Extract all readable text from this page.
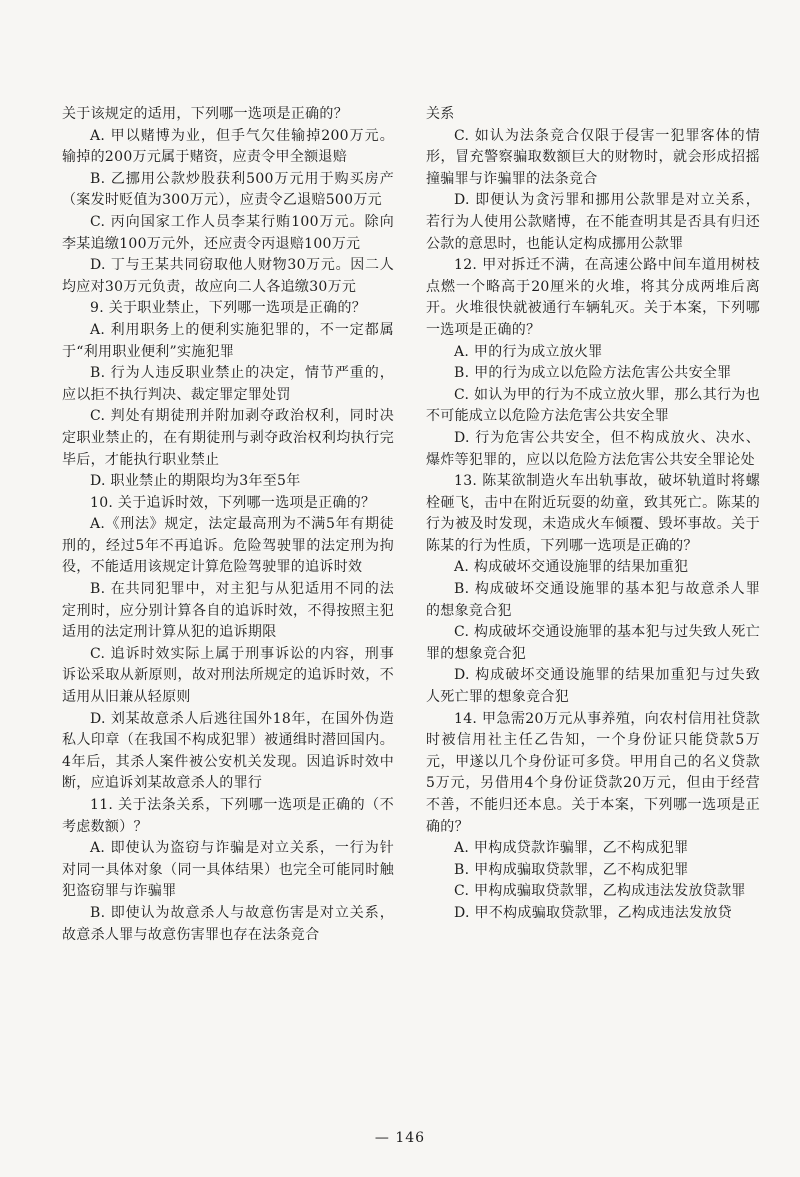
关于该规定的适用，下列哪一选项是正确的？

A. 甲以赌博为业，但手气欠佳输掉200万元。输掉的200万元属于赌资，应责令甲全额退赔

B. 乙挪用公款炒股获利500万元用于购买房产（案发时贬值为300万元），应责令乙退赔500万元

C. 丙向国家工作人员李某行贿100万元。除向李某追缴100万元外，还应责令丙退赔100万元

D. 丁与王某共同窃取他人财物30万元。因二人均应对30万元负责，故应向二人各追缴30万元

9. 关于职业禁止，下列哪一选项是正确的？

A. 利用职务上的便利实施犯罪的，不一定都属于“利用职业便利”实施犯罪

B. 行为人违反职业禁止的决定，情节严重的，应以拒不执行判决、裁定罪定罪处罚

C. 判处有期徒刑并附加剥夺政治权利，同时决定职业禁止的，在有期徒刑与剥夺政治权利均执行完毕后，才能执行职业禁止

D. 职业禁止的期限均为3年至5年

10. 关于追诉时效，下列哪一选项是正确的？

A.《刑法》规定，法定最高刑为不满5年有期徒刑的，经过5年不再追诉。危险驾驶罪的法定刑为拘役，不能适用该规定计算危险驾驶罪的追诉时效

B. 在共同犯罪中，对主犯与从犯适用不同的法定刑时，应分别计算各自的追诉时效，不得按照主犯适用的法定刑计算从犯的追诉期限

C. 追诉时效实际上属于刑事诉讼的内容，刑事诉讼采取从新原则，故对刑法所规定的追诉时效，不适用从旧兼从轻原则

D. 刘某故意杀人后逃往国外18年，在国外伪造私人印章（在我国不构成犯罪）被通缉时潜回国内。4年后，其杀人案件被公安机关发现。因追诉时效中断，应追诉刘某故意杀人的罪行

11. 关于法条关系，下列哪一选项是正确的（不考虑数额）？

A. 即使认为盗窃与诈骗是对立关系，一行为针对同一具体对象（同一具体结果）也完全可能同时触犯盗窃罪与诈骗罪

B. 即使认为故意杀人与故意伤害是对立关系，故意杀人罪与故意伤害罪也存在法条竞合

关系

C. 如认为法条竞合仅限于侵害一犯罪客体的情形，冒充警察骗取数额巨大的财物时，就会形成招摇撞骗罪与诈骗罪的法条竞合

D. 即便认为贪污罪和挪用公款罪是对立关系，若行为人使用公款赌博，在不能查明其是否具有归还公款的意思时，也能认定构成挪用公款罪

12. 甲对拆迁不满，在高速公路中间车道用树枝点燃一个略高于20厘米的火堆，将其分成两堆后离开。火堆很快就被通行车辆轧灭。关于本案，下列哪一选项是正确的？

A. 甲的行为成立放火罪

B. 甲的行为成立以危险方法危害公共安全罪

C. 如认为甲的行为不成立放火罪，那么其行为也不可能成立以危险方法危害公共安全罪

D. 行为危害公共安全，但不构成放火、决水、爆炸等犯罪的，应以以危险方法危害公共安全罪论处

13. 陈某欲制造火车出轨事故，破坏轨道时将螺栓砸飞，击中在附近玩耍的幼童，致其死亡。陈某的行为被及时发现，未造成火车倾覆、毁坏事故。关于陈某的行为性质，下列哪一选项是正确的？

A. 构成破坏交通设施罪的结果加重犯

B. 构成破坏交通设施罪的基本犯与故意杀人罪的想象竞合犯

C. 构成破坏交通设施罪的基本犯与过失致人死亡罪的想象竞合犯

D. 构成破坏交通设施罪的结果加重犯与过失致人死亡罪的想象竞合犯

14. 甲急需20万元从事养殖，向农村信用社贷款时被信用社主任乙告知，一个身份证只能贷款5万元，甲遂以几个身份证可多贷。甲用自己的名义贷款5万元，另借用4个身份证贷款20万元，但由于经营不善，不能归还本息。关于本案，下列哪一选项是正确的？

A. 甲构成贷款诈骗罪，乙不构成犯罪

B. 甲构成骗取贷款罪，乙不构成犯罪

C. 甲构成骗取贷款罪，乙构成违法发放贷款罪

D. 甲不构成骗取贷款罪，乙构成违法发放贷

— 146
